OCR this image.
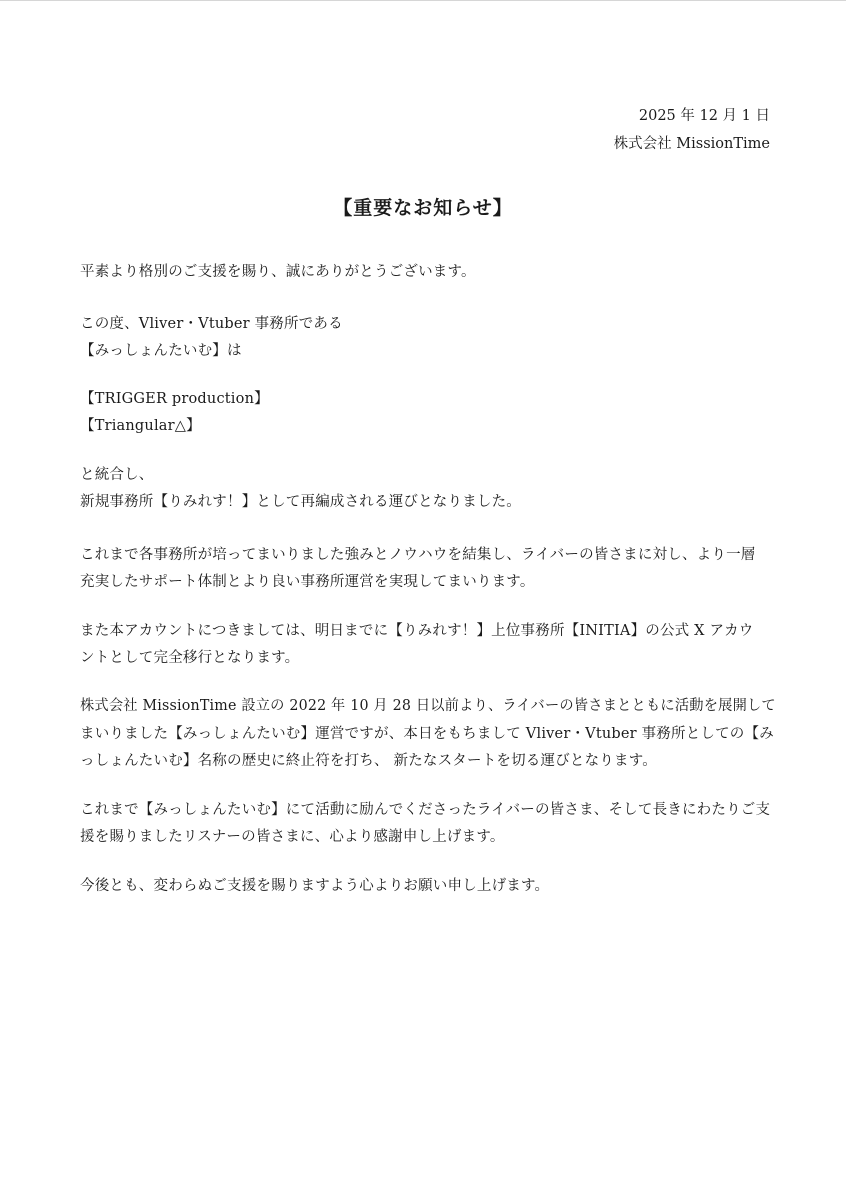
2025 年 12 月 1 日
株式会社 MissionTime
【重要なお知らせ】
平素より格別のご支援を賜り、誠にありがとうございます。
この度、Vliver・Vtuber 事務所である
【みっしょんたいむ】は
【TRIGGER production】
【Triangular△】
と統合し、
新規事務所【りみれす！】として再編成される運びとなりました。
これまで各事務所が培ってまいりました強みとノウハウを結集し、ライバーの皆さまに対し、より一層
充実したサポート体制とより良い事務所運営を実現してまいります。
また本アカウントにつきましては、明日までに【りみれす！】上位事務所【INITIA】の公式 X アカウ
ントとして完全移行となります。
株式会社 MissionTime 設立の 2022 年 10 月 28 日以前より、ライバーの皆さまとともに活動を展開して
まいりました【みっしょんたいむ】運営ですが、本日をもちまして Vliver・Vtuber 事務所としての【み
っしょんたいむ】名称の歴史に終止符を打ち、 新たなスタートを切る運びとなります。
これまで【みっしょんたいむ】にて活動に励んでくださったライバーの皆さま、そして長きにわたりご支
援を賜りましたリスナーの皆さまに、心より感謝申し上げます。
今後とも、変わらぬご支援を賜りますよう心よりお願い申し上げます。
